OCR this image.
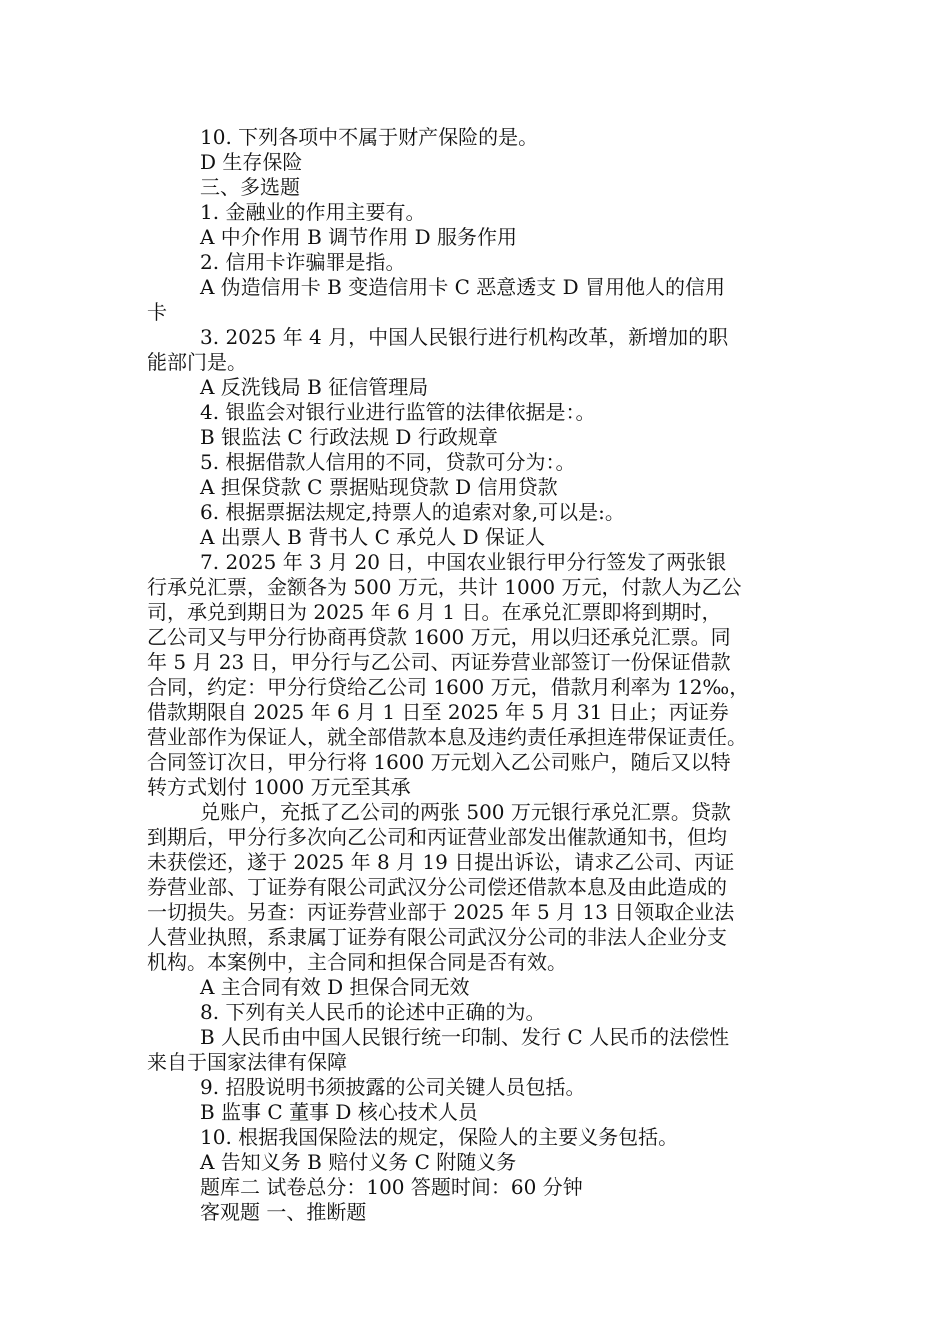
10. 下列各项中不属于财产保险的是。
D 生存保险
三、多选题
1. 金融业的作用主要有。
A 中介作用 B 调节作用 D 服务作用
2. 信用卡诈骗罪是指。
A 伪造信用卡 B 变造信用卡 C 恶意透支 D 冒用他人的信用
卡
3. 2025 年 4 月，中国人民银行进行机构改革，新增加的职
能部门是。
A 反洗钱局 B 征信管理局
4. 银监会对银行业进行监管的法律依据是：。
B 银监法 C 行政法规 D 行政规章
5. 根据借款人信用的不同，贷款可分为：。
A 担保贷款 C 票据贴现贷款 D 信用贷款
6. 根据票据法规定,持票人的追索对象,可以是:。
A 出票人 B 背书人 C 承兑人 D 保证人
7. 2025 年 3 月 20 日，中国农业银行甲分行签发了两张银
行承兑汇票，金额各为 500 万元，共计 1000 万元，付款人为乙公
司，承兑到期日为 2025 年 6 月 1 日。在承兑汇票即将到期时，
乙公司又与甲分行协商再贷款 1600 万元，用以归还承兑汇票。同
年 5 月 23 日，甲分行与乙公司、丙证券营业部签订一份保证借款
合同，约定：甲分行贷给乙公司 1600 万元，借款月利率为 12‰，
借款期限自 2025 年 6 月 1 日至 2025 年 5 月 31 日止；丙证券
营业部作为保证人，就全部借款本息及违约责任承担连带保证责任。
合同签订次日，甲分行将 1600 万元划入乙公司账户，随后又以特
转方式划付 1000 万元至其承
兑账户，充抵了乙公司的两张 500 万元银行承兑汇票。贷款
到期后，甲分行多次向乙公司和丙证营业部发出催款通知书，但均
未获偿还，遂于 2025 年 8 月 19 日提出诉讼，请求乙公司、丙证
券营业部、丁证券有限公司武汉分公司偿还借款本息及由此造成的
一切损失。另查：丙证券营业部于 2025 年 5 月 13 日领取企业法
人营业执照，系隶属丁证券有限公司武汉分公司的非法人企业分支
机构。本案例中，主合同和担保合同是否有效。
A 主合同有效 D 担保合同无效
8. 下列有关人民币的论述中正确的为。
B 人民币由中国人民银行统一印制、发行 C 人民币的法偿性
来自于国家法律有保障
9. 招股说明书须披露的公司关键人员包括。
B 监事 C 董事 D 核心技术人员
10. 根据我国保险法的规定，保险人的主要义务包括。
A 告知义务 B 赔付义务 C 附随义务
题库二 试卷总分：100 答题时间：60 分钟
客观题 一、推断题
